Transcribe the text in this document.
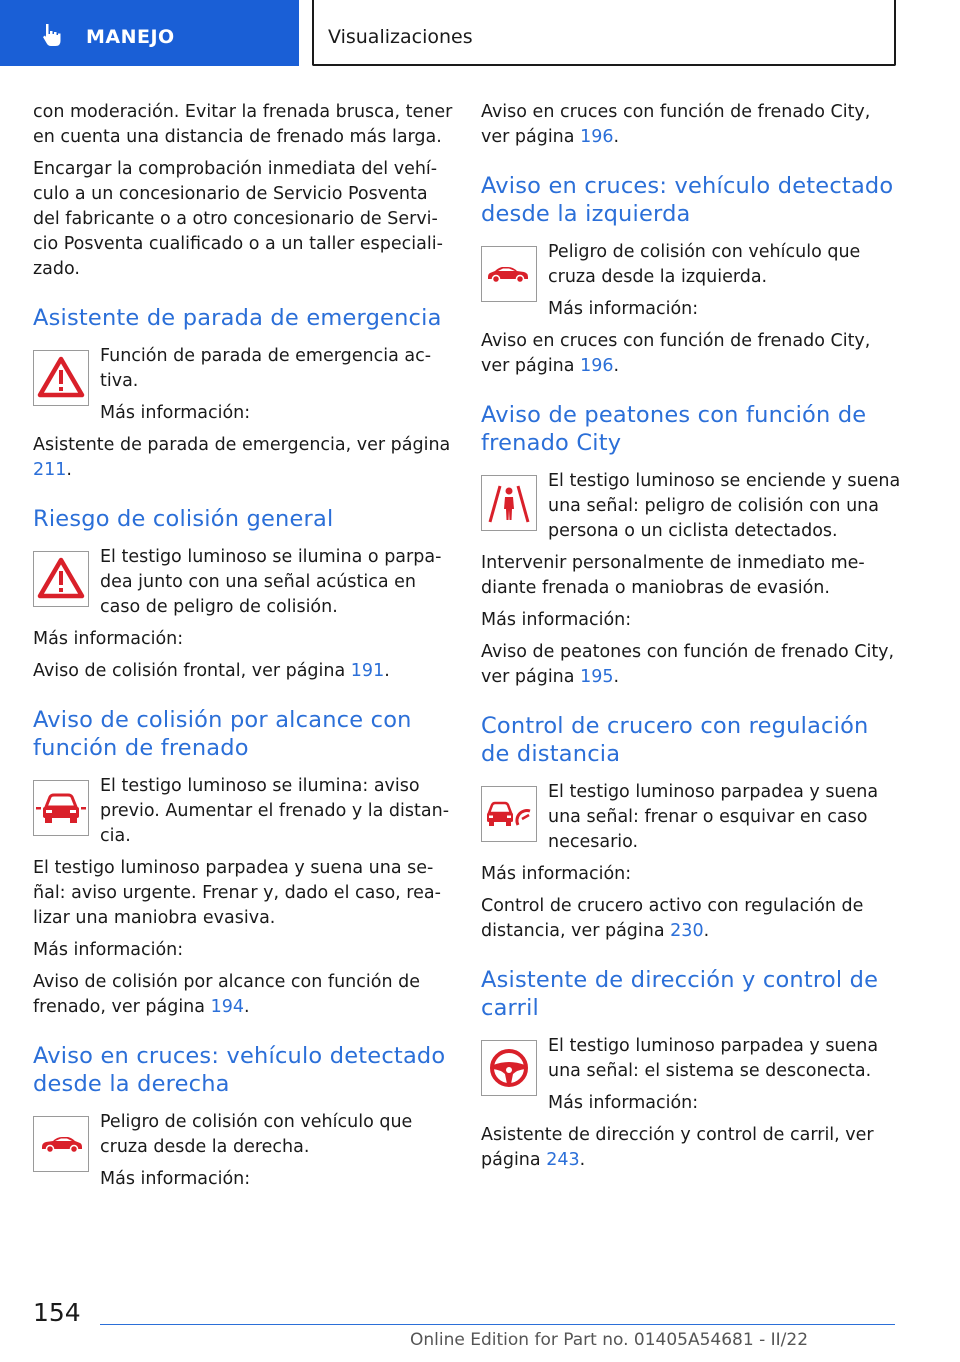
MANEJO	Visualizaciones

con moderación. Evitar la frenada brusca, tener en cuenta una distancia de frenado más larga.

Encargar la comprobación inmediata del vehículo a un concesionario de Servicio Posventa del fabricante o a otro concesionario de Servicio Posventa cualificado o a un taller especializado.

Asistente de parada de emergencia

Función de parada de emergencia activa.

Más información:

Asistente de parada de emergencia, ver página 211.

Riesgo de colisión general

El testigo luminoso se ilumina o parpadea junto con una señal acústica en caso de peligro de colisión.

Más información:

Aviso de colisión frontal, ver página 191.

Aviso de colisión por alcance con función de frenado

El testigo luminoso se ilumina: aviso previo. Aumentar el frenado y la distancia.

El testigo luminoso parpadea y suena una señal: aviso urgente. Frenar y, dado el caso, realizar una maniobra evasiva.

Más información:

Aviso de colisión por alcance con función de frenado, ver página 194.

Aviso en cruces: vehículo detectado desde la derecha

Peligro de colisión con vehículo que cruza desde la derecha.

Más información:

Aviso en cruces con función de frenado City, ver página 196.

Aviso en cruces: vehículo detectado desde la izquierda

Peligro de colisión con vehículo que cruza desde la izquierda.

Más información:

Aviso en cruces con función de frenado City, ver página 196.

Aviso de peatones con función de frenado City

El testigo luminoso se enciende y suena una señal: peligro de colisión con una persona o un ciclista detectados.

Intervenir personalmente de inmediato mediante frenada o maniobras de evasión.

Más información:

Aviso de peatones con función de frenado City, ver página 195.

Control de crucero con regulación de distancia

El testigo luminoso parpadea y suena una señal: frenar o esquivar en caso necesario.

Más información:

Control de crucero activo con regulación de distancia, ver página 230.

Asistente de dirección y control de carril

El testigo luminoso parpadea y suena una señal: el sistema se desconecta.

Más información:

Asistente de dirección y control de carril, ver página 243.

154
Online Edition for Part no. 01405A54681 - II/22
